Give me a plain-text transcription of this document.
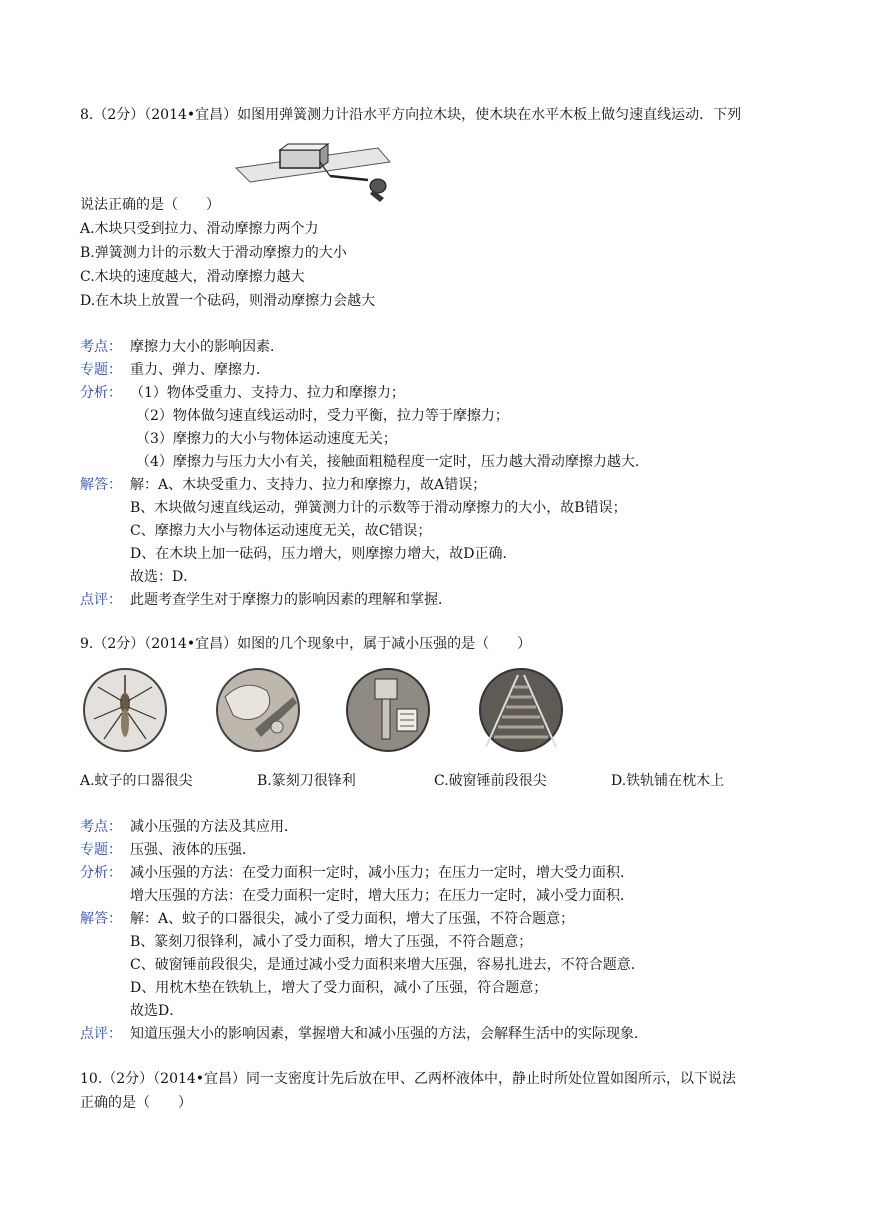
8.（2分）（2014•宜昌）如图用弹簧测力计沿水平方向拉木块，使木块在水平木板上做匀速直线运动．下列
说法正确的是（　　）
A.木块只受到拉力、滑动摩擦力两个力
B.弹簧测力计的示数大于滑动摩擦力的大小
C.木块的速度越大，滑动摩擦力越大
D.在木块上放置一个砝码，则滑动摩擦力会越大
考点： 摩擦力大小的影响因素．
专题： 重力、弹力、摩擦力．
分析： （1）物体受重力、支持力、拉力和摩擦力；
（2）物体做匀速直线运动时，受力平衡，拉力等于摩擦力；
（3）摩擦力的大小与物体运动速度无关；
（4）摩擦力与压力大小有关，接触面粗糙程度一定时，压力越大滑动摩擦力越大．
解答： 解：A、木块受重力、支持力、拉力和摩擦力，故A错误；
B、木块做匀速直线运动，弹簧测力计的示数等于滑动摩擦力的大小，故B错误；
C、摩擦力大小与物体运动速度无关，故C错误；
D、在木块上加一砝码，压力增大，则摩擦力增大，故D正确．
故选：D．
点评： 此题考查学生对于摩擦力的影响因素的理解和掌握．
9.（2分）（2014•宜昌）如图的几个现象中，属于减小压强的是（　　）
A.蚊子的口器很尖	B.篆刻刀很锋利	C.破窗锤前段很尖	D.铁轨铺在枕木上
考点： 减小压强的方法及其应用．
专题： 压强、液体的压强．
分析： 减小压强的方法：在受力面积一定时，减小压力；在压力一定时，增大受力面积．
增大压强的方法：在受力面积一定时，增大压力；在压力一定时，减小受力面积．
解答： 解：A、蚊子的口器很尖，减小了受力面积，增大了压强，不符合题意；
B、篆刻刀很锋利，减小了受力面积，增大了压强，不符合题意；
C、破窗锤前段很尖，是通过减小受力面积来增大压强，容易扎进去，不符合题意．
D、用枕木垫在铁轨上，增大了受力面积，减小了压强，符合题意；
故选D．
点评： 知道压强大小的影响因素，掌握增大和减小压强的方法，会解释生活中的实际现象．
10.（2分）（2014•宜昌）同一支密度计先后放在甲、乙两杯液体中，静止时所处位置如图所示，以下说法
正确的是（　　）
